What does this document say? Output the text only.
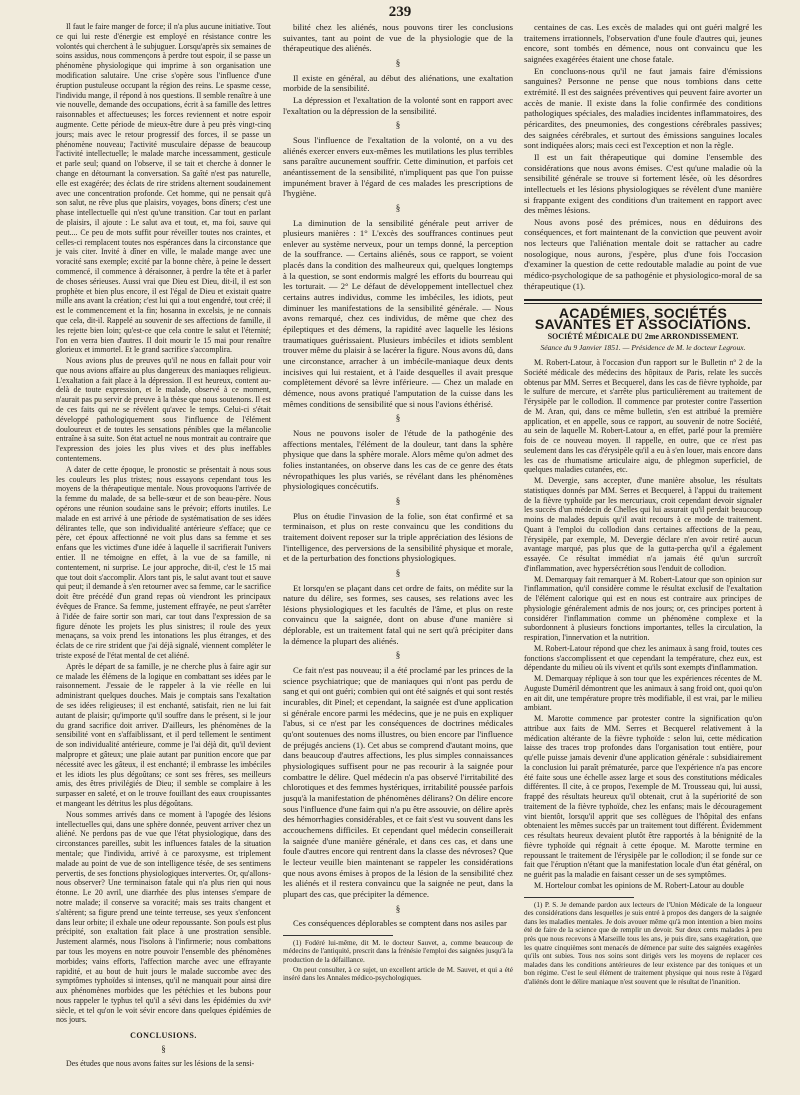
239

Il faut le faire manger de force; il n'a plus aucune initiative. Tout ce qui lui reste d'énergie est employé en résistance contre les volontés qui cherchent à le subjuguer. Lorsqu'après six semaines de soins assidus, nous commençons à perdre tout espoir, il se passe un phénomène physiologique qui imprime à son organisation une modification salutaire. Une crise s'opère sous l'influence d'une éruption pustuleuse occupant la région des reins. Le spasme cesse, l'individu mange, il répond à nos questions. Il semble renaître à une vie nouvelle, demande des occupations, écrit à sa famille des lettres raisonnables et affectueuses; les forces reviennent et notre espoir augmente. Cette période de mieux-être dure à peu près vingt-cinq jours; mais avec le retour progressif des forces, il se passe un phénomène nouveau; l'activité musculaire dépasse de beaucoup l'activité intellectuelle; le malade marche incessamment, gesticule et parle seul; quand on l'observe, il se tait et cherche à donner le change en détournant la conversation. Sa gaîté n'est pas naturelle, elle est exagérée; des éclats de rire stridens alternent soudainement avec une concentration profonde. Cet homme, qui ne pensait qu'à son salut, ne rêve plus que plaisirs, voyages, bons dîners; c'est une phase intellectuelle qui n'est qu'une transition. Car tout en parlant de plaisirs, il ajoute : Le salut ava et tout, et, ma foi, sauve qui peut.... Ce peu de mots suffit pour réveiller toutes nos craintes, et celles-ci remplacent toutes nos espérances dans la circonstance que je vais citer. Invité à dîner en ville, le malade mange avec une voracité sans exemple; excité par la bonne chère, à peine le dessert commencé, il commence à déraisonner, à perdre la tête et à parler de choses sérieuses. Aussi vrai que Dieu est Dieu, dit-il, il est son prophète et bien plus encore, il est l'égal de Dieu et existait quatre mille ans avant la création; c'est lui qui a tout engendré, tout créé; il est le commencement et la fin; hosanna in excelsis, je ne connais que cela, dit-il. Rappelé au souvenir de ses affections de famille, il les rejette bien loin; qu'est-ce que cela contre le salut et l'éternité; l'on en verra bien d'autres. Il doit mourir le 15 mai pour renaître glorieux et immortel. Et le grand sacrifice s'accomplira.

Nous avions plus de preuves qu'il ne nous en fallait pour voir que nous avions affaire au plus dangereux des maniaques religieux. L'exaltation a fait place à la dépression. Il est heureux, content au-delà de toute expression, et le malade, observé à ce moment, n'aurait pas pu servir de preuve à la thèse que nous soutenons. Il est de ces faits qui ne se révèlent qu'avec le temps. Celui-ci s'était développé pathologiquement sous l'influence de l'élément douloureux et de toutes les sensations pénibles que la mélancolie entraîne à sa suite. Son état actuel ne nous montrait au contraire que l'expression des joies les plus vives et des plus ineffables contentemens.

A dater de cette époque, le pronostic se présentait à nous sous les couleurs les plus tristes; nous essayons cependant tous les moyens de la thérapeutique mentale. Nous provoquons l'arrivée de la femme du malade, de sa belle-sœur et de son beau-père. Nous opérons une réunion soudaine sans le prévoir; efforts inutiles. Le malade en est arrivé à une période de systématisation de ses idées délirantes telle, que son individualité antérieure s'efface; que ce père, cet époux affectionné ne voit plus dans sa femme et ses enfans que les victimes d'une idée à laquelle il sacrifierait l'univers entier. Il ne témoigne en effet, à la vue de sa famille, ni contentement, ni surprise. Le jour approche, dit-il, c'est le 15 mai que tout doit s'accomplir. Alors tant pis, le salut avant tout et sauve qui peut; il demande à s'en retourner avec sa femme, car le sacrifice doit être précédé d'un grand repas où viendront les principaux évêques de France. Sa femme, justement effrayée, ne peut s'arrêter à l'idée de faire sortir son mari, car tout dans l'expression de sa figure dénote les projets les plus sinistres; il roule des yeux menaçans, sa voix prend les intonations les plus étranges, et des éclats de ce rire strident que j'ai déjà signalé, viennent compléter le triste exposé de l'état mental de cet aliéné.

Après le départ de sa famille, je ne cherche plus à faire agir sur ce malade les élémens de la logique en combattant ses idées par le raisonnement. J'essaie de le rappeler à la vie réelle en lui administrant quelques douches. Mais je comptais sans l'exaltation de ses idées religieuses; il est enchanté, satisfait, rien ne lui fait autant de plaisir; qu'importe qu'il souffre dans le présent, si le jour du grand sacrifice doit arriver. D'ailleurs, les phénomènes de la sensibilité vont en s'affaiblissant, et il perd tellement le sentiment de son individualité antérieure, comme je l'ai déjà dit, qu'il devient malpropre et gâteux; une plaie autant par punition encore que par nécessité avec les gâteux, il est enchanté; il embrasse les imbéciles et les idiots les plus dégoûtans; ce sont ses frères, ses meilleurs amis, des êtres privilégiés de Dieu; il semble se complaire à les surpasser en saleté, et on le trouve fouillant des eaux croupissantes et mangeant les détritus les plus dégoûtans.

Nous sommes arrivés dans ce moment à l'apogée des lésions intellectuelles qui, dans une sphère donnée, peuvent arriver chez un aliéné. Ne perdons pas de vue que l'état physiologique, dans des circonstances pareilles, subit les influences fatales de la situation mentale; que l'individu, arrivé à ce paroxysme, est triplement malade au point de vue de son intelligence tésée, de ses sentimens pervertis, de ses fonctions physiologiques intervertes. Or, qu'allons-nous observer? Une terminaison fatale qui n'a plus rien qui nous étonne. Le 20 avril, une diarrhée des plus intenses s'empare de notre malade; il conserve sa voracité; mais ses traits changent et s'altèrent; sa figure prend une teinte terreuse, ses yeux s'enfoncent dans leur orbite; il exhale une odeur repoussante. Son pouls est plus précipité, son exaltation fait place à une prostration sensible. Justement alarmés, nous l'isolons à l'infirmerie; nous combattons par tous les moyens en notre pouvoir l'ensemble des phénomènes morbides; vains efforts, l'affection marche avec une effrayante rapidité, et au bout de huit jours le malade succombe avec des symptômes typhoïdes si intenses, qu'il ne manquait pour ainsi dire aux phénomènes morbides que les pétéchies et les bubons pour nous rappeler le typhus tel qu'il a sévi dans les épidémies du xviᵉ siècle, et tel qu'on le voit sévir encore dans quelques épidémies de nos jours.

CONCLUSIONS.
§

Des études que nous avons faites sur les lésions de la sensi-

bilité chez les aliénés, nous pouvons tirer les conclusions suivantes, tant au point de vue de la physiologie que de la thérapeutique des aliénés.

§

Il existe en général, au début des aliénations, une exaltation morbide de la sensibilité.

La dépression et l'exaltation de la volonté sont en rapport avec l'exaltation ou la dépression de la sensibilité.

§

Sous l'influence de l'exaltation de la volonté, on a vu des aliénés exercer envers eux-mêmes les mutilations les plus terribles sans paraître aucunement souffrir. Cette diminution, et parfois cet anéantissement de la sensibilité, n'impliquent pas que l'on puisse impunément braver à l'égard de ces malades les prescriptions de l'hygiène.

§

La diminution de la sensibilité générale peut arriver de plusieurs manières : 1° L'excès des souffrances continues peut enlever au système nerveux, pour un temps donné, la perception de la souffrance. — Certains aliénés, sous ce rapport, se voient placés dans la condition des malheureux qui, quelques longtemps à la question, se sont endormis malgré les efforts du bourreau qui les torturait. — 2° Le défaut de développement intellectuel chez certains autres individus, comme les imbéciles, les idiots, peut diminuer les manifestations de la sensibilité générale. — Nous avons remarqué, chez ces individus, de même que chez des épileptiques et des démens, la rapidité avec laquelle les lésions traumatiques guérissaient. Plusieurs imbéciles et idiots semblent trouver même du plaisir à se lacérer la figure. Nous avons dû, dans une circonstance, arracher à un imbécile-maniaque deux dents incisives qui lui restaient, et à l'aide desquelles il avait presque complètement dévoré sa lèvre inférieure. — Chez un malade en démence, nous avons pratiqué l'amputation de la cuisse dans les mêmes conditions de sensibilité que si nous l'avions éthérisé.

§

Nous ne pouvons isoler de l'étude de la pathogénie des affections mentales, l'élément de la douleur, tant dans la sphère physique que dans la sphère morale. Alors même qu'on admet des folies instantanées, on observe dans les cas de ce genre des états névropathiques les plus variés, se révélant dans les phénomènes physiologiques concécutifs.

§

Plus on étudie l'invasion de la folie, son état confirmé et sa terminaison, et plus on reste convaincu que les conditions du traitement doivent reposer sur la triple appréciation des lésions de l'intelligence, des perversions de la sensibilité physique et morale, et de la perturbation des fonctions physiologiques.

§

Et lorsqu'en se plaçant dans cet ordre de faits, on médite sur la nature du délire, ses formes, ses causes, ses relations avec les lésions physiologiques et les facultés de l'âme, et plus on reste convaincu que la saignée, dont on abuse d'une manière si déplorable, est un traitement fatal qui ne sert qu'à précipiter dans la démence la plupart des aliénés.

§

Ce fait n'est pas nouveau; il a été proclamé par les princes de la science psychiatrique; que de maniaques qui n'ont pas perdu de sang et qui ont guéri; combien qui ont été saignés et qui sont restés incurables, dit Pinel; et cependant, la saignée est d'une application si générale encore parmi les médecins, que je ne puis en expliquer l'abus, si ce n'est par les conséquences de doctrines médicales qu'ont soutenues des noms illustres, ou bien encore par l'influence de préjugés anciens (1). Cet abus se comprend d'autant moins, que dans beaucoup d'autres affections, les plus simples connaissances physiologiques suffisent pour ne pas recourir à la saignée pour combattre le délire. Quel médecin n'a pas observé l'irritabilité des chlorotiques et des femmes hystériques, irritabilité poussée parfois jusqu'à la manifestation de phénomènes délirans? On délire encore sous l'influence d'une faim qui n'a pu être assouvie, on délire après des hémorrhagies considérables, et ce fait s'est vu souvent dans les accouchemens difficiles. Et cependant quel médecin conseillerait la saignée d'une manière générale, et dans ces cas, et dans une foule d'autres encore qui rentrent dans la classe des névroses? Que le lecteur veuille bien maintenant se rappeler les considérations que nous avons émises à propos de la lésion de la sensibilité chez les aliénés et il restera convaincu que la saignée ne peut, dans la plupart des cas, que précipiter la démence.

§

Ces conséquences déplorables se comptent dans nos asiles par

(1) Fodéré lui-même, dit M. le docteur Sauvet, a, comme beaucoup de médecins de l'antiquité, prescrit dans la frénésie l'emploi des saignées jusqu'à la production de la défaillance.

On peut consulter, à ce sujet, un excellent article de M. Sauvet, et qui a été inséré dans les Annales médico-psychologiques.

centaines de cas. Les excès de malades qui ont guéri malgré les traitemens irrationnels, l'observation d'une foule d'autres qui, jeunes encore, sont tombés en démence, nous ont convaincu que les saignées exagérées étaient une chose fatale.

En concluons-nous qu'il ne faut jamais faire d'émissions sanguines? Personne ne pense que nous tombions dans cette extrémité. Il est des saignées préventives qui peuvent faire avorter un accès de manie. Il existe dans la folie confirmée des conditions pathologiques spéciales, des maladies incidentes inflammatoires, des péricardites, des pneumonies, des congestions cérébrales passives; des saignées cérébrales, et surtout des émissions sanguines locales sont indiquées alors; mais ceci est l'exception et non la règle.

Il est un fait thérapeutique qui domine l'ensemble des considérations que nous avons émises. C'est qu'une maladie où la sensibilité générale se trouve si fortement lésée, où les désordres intellectuels et les lésions physiologiques se révèlent d'une manière si frappante exigent des conditions d'un traitement en rapport avec des mêmes lésions.

Nous avons posé des prémices, nous en déduirons des conséquences, et fort maintenant de la conviction que peuvent avoir nos lecteurs que l'aliénation mentale doit se rattacher au cadre nosologique, nous aurons, j'espère, plus d'une fois l'occasion d'examiner la question de cette redoutable maladie au point de vue médico-psychologique de sa pathogénie et physiologico-moral de sa thérapeutique (1).

ACADÉMIES, SOCIÉTÉS SAVANTES ET ASSOCIATIONS.
SOCIÉTÉ MÉDICALE DU 2me ARRONDISSEMENT.
Séance du 9 Janvier 1851. — Présidence de M. le docteur Legroux.

M. Robert-Latour, à l'occasion d'un rapport sur le Bulletin nº 2 de la Société médicale des médecins des hôpitaux de Paris, relate les succès obtenus par MM. Serres et Becquerel, dans les cas de fièvre typhoïde, par le sulfure de mercure, et s'arrête plus particulièrement au traitement de l'érysipèle par le collodion. Il commence par protester contre l'assertion de M. Aran, qui, dans ce même bulletin, s'en est attribué la première application, et en appelle, sous ce rapport, au souvenir de notre Société, au sein de laquelle M. Robert-Latour a, en effet, parlé pour la première fois de ce nouveau moyen. Il rappelle, en outre, que ce n'est pas seulement dans les cas d'érysipèle qu'il a eu à s'en louer, mais encore dans les cas de rhumatisme articulaire aigu, de phlegmon superficiel, de quelques maladies cutanées, etc.

M. Devergie, sans accepter, d'une manière absolue, les résultats statistiques donnés par MM. Serres et Becquerel, à l'appui du traitement de la fièvre typhoïde par les mercuriaux, croit cependant devoir signaler les succès d'un médecin de Chelles qui lui assurait qu'il perdait beaucoup moins de malades depuis qu'il avait recours à ce mode de traitement. Quant à l'emploi du collodion dans certaines affections de la peau, l'érysipèle, par exemple, M. Devergie déclare n'en avoir retiré aucun avantage marqué, pas plus que de la gutta-percha qu'il a également essayée. Ce résultat immédiat n'a jamais été qu'un surcroît d'inflammation, avec hypersécrétion sous l'enduit de collodion.

M. Demarquay fait remarquer à M. Robert-Latour que son opinion sur l'inflammation, qu'il considère comme le résultat exclusif de l'exaltation de l'élément calorique qui est en nous est contraire aux principes de physiologie généralement admis de nos jours; or, ces principes portent à considérer l'inflammation comme un phénomène complexe et la subordonnent à plusieurs fonctions importantes, telles la circulation, la respiration, l'innervation et la nutrition.

M. Robert-Latour répond que chez les animaux à sang froid, toutes ces fonctions s'accomplissent et que cependant la température, chez eux, est dépendante du milieu où ils vivent et qu'ils sont exempts d'inflammation.

M. Demarquay réplique à son tour que les expériences récentes de M. Auguste Duméril démontrent que les animaux à sang froid ont, quoi qu'on en ait dit, une température propre très modifiable, il est vrai, par le milieu ambiant.

M. Marotte commence par protester contre la signification qu'on attribue aux faits de MM. Serres et Becquerel relativement à la médication altérante de la fièvre typhoïde : selon lui, cette médication laisse des traces trop profondes dans l'organisation tout entière, pour qu'elle puisse jamais devenir d'une application générale : subsidiairement la conclusion lui paraît prématurée, parce que l'expérience n'a pas encore été faite sous une échelle assez large et sous des constitutions médicales différentes. Il cite, à ce propos, l'exemple de M. Trousseau qui, lui aussi, frappé des résultats heureux qu'il obtenait, crut à la supériorité de son traitement de la fièvre typhoïde, chez les enfans; mais le découragement vint bientôt, lorsqu'il apprit que ses collègues de l'hôpital des enfans obtenaient les mêmes succès par un traitement tout différent. Évidemment ces résultats heureux devaient plutôt être rapportés à la bénignité de la fièvre typhoïde qui régnait à cette époque. M. Marotte termine en repoussant le traitement de l'érysipèle par le collodion; il se fonde sur ce fait que l'éruption n'étant que la manifestation locale d'un état général, on ne guérit pas la maladie en faisant cesser un de ses symptômes.

M. Hortelour combat les opinions de M. Robert-Latour au double

(1) P. S. Je demande pardon aux lecteurs de l'Union Médicale de la longueur des considérations dans lesquelles je suis entré à propos des dangers de la saignée dans les maladies mentales. Je dois avouer même qu'à mon intention a bien moins été de faire de la science que de remplir un devoir. Sur deux cents malades à peu près que nous recevons à Marseille tous les ans, je puis dire, sans exagération, que les quatre cinquièmes sont menacés de démence par suite des saignées exagérées qu'ils ont subies. Tous nos soins sont dirigés vers les moyens de replacer ces malades dans les conditions antérieures de leur existence par des toniques et un bon régime. C'est le seul élément de traitement physique qui nous reste à l'égard d'aliénés dont le délire maniaque n'est souvent que le résultat de l'inanition.
